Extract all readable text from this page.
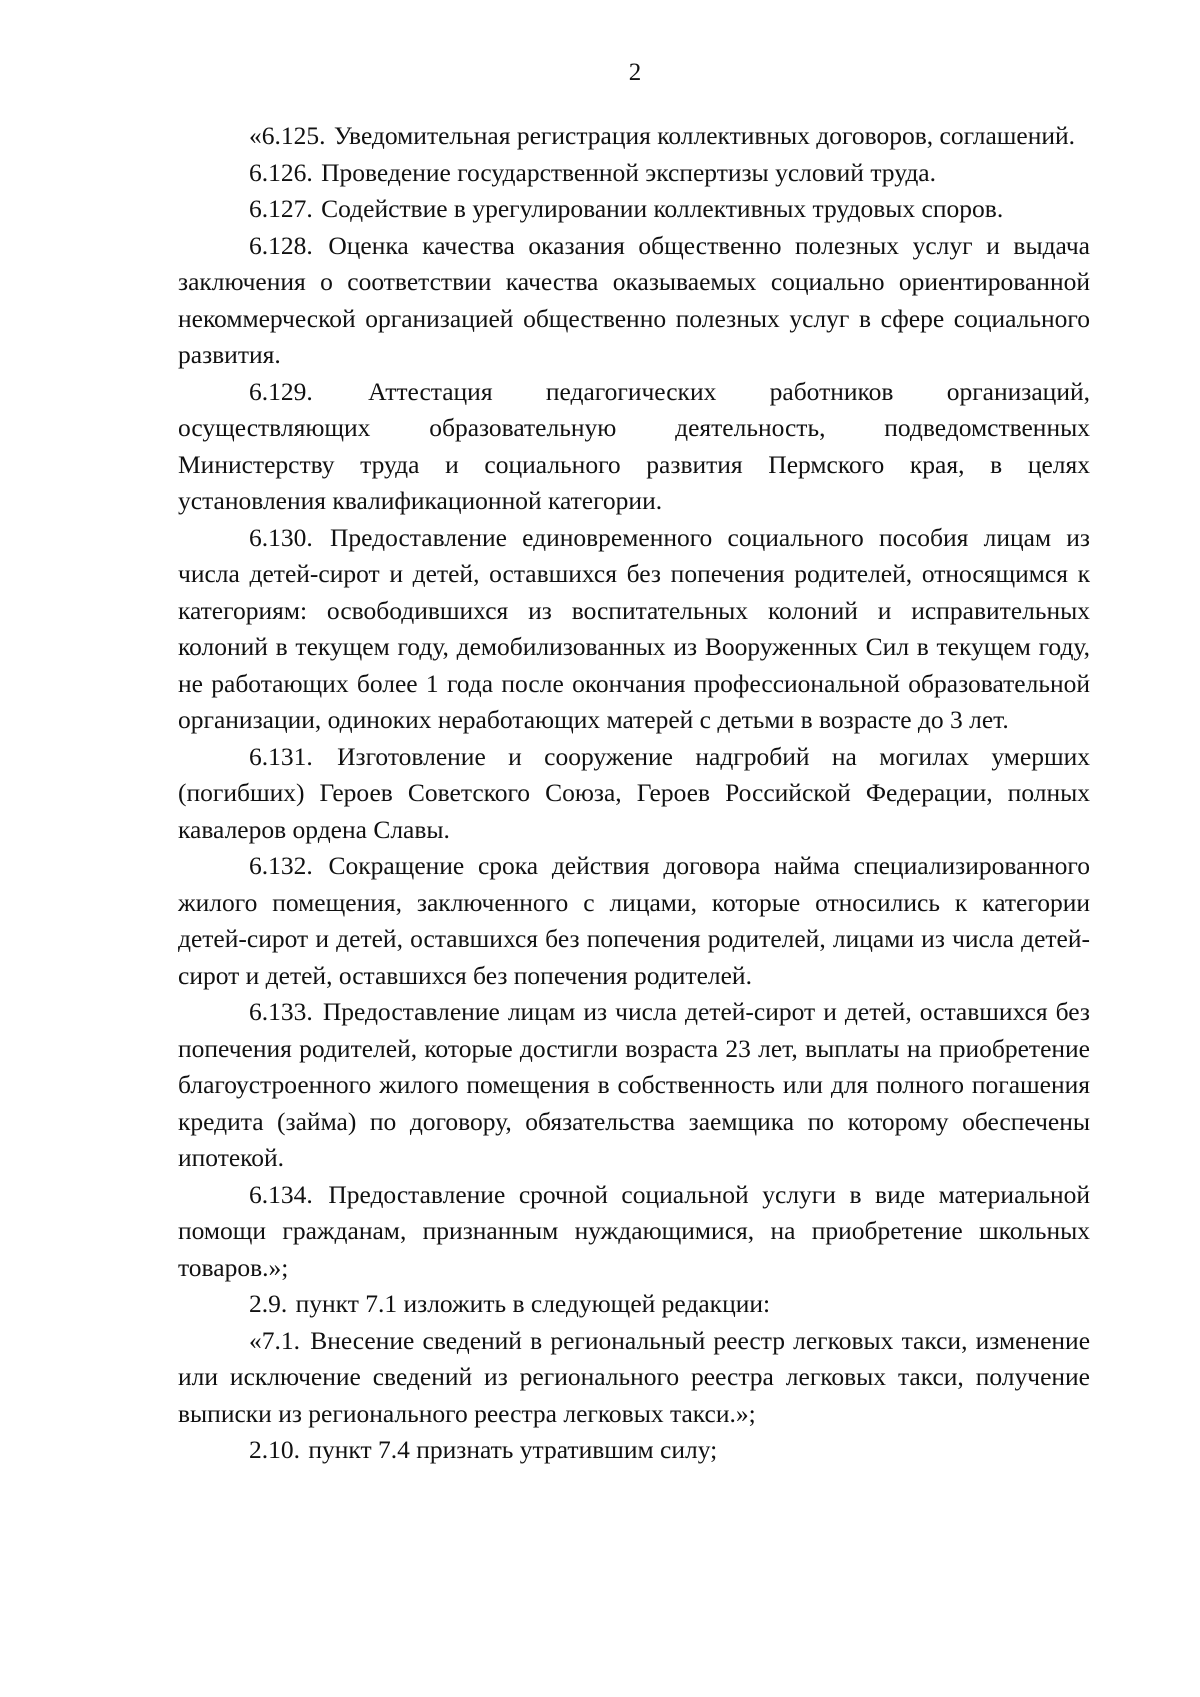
2

«6.125. Уведомительная регистрация коллективных договоров, соглашений.

6.126. Проведение государственной экспертизы условий труда.

6.127. Содействие в урегулировании коллективных трудовых споров.

6.128. Оценка качества оказания общественно полезных услуг и выдача заключения о соответствии качества оказываемых социально ориентированной некоммерческой организацией общественно полезных услуг в сфере социального развития.

6.129. Аттестация педагогических работников организаций, осуществляющих образовательную деятельность, подведомственных Министерству труда и социального развития Пермского края, в целях установления квалификационной категории.

6.130. Предоставление единовременного социального пособия лицам из числа детей-сирот и детей, оставшихся без попечения родителей, относящимся к категориям: освободившихся из воспитательных колоний и исправительных колоний в текущем году, демобилизованных из Вооруженных Сил в текущем году, не работающих более 1 года после окончания профессиональной образовательной организации, одиноких неработающих матерей с детьми в возрасте до 3 лет.

6.131. Изготовление и сооружение надгробий на могилах умерших (погибших) Героев Советского Союза, Героев Российской Федерации, полных кавалеров ордена Славы.

6.132. Сокращение срока действия договора найма специализированного жилого помещения, заключенного с лицами, которые относились к категории детей-сирот и детей, оставшихся без попечения родителей, лицами из числа детей-сирот и детей, оставшихся без попечения родителей.

6.133. Предоставление лицам из числа детей-сирот и детей, оставшихся без попечения родителей, которые достигли возраста 23 лет, выплаты на приобретение благоустроенного жилого помещения в собственность или для полного погашения кредита (займа) по договору, обязательства заемщика по которому обеспечены ипотекой.

6.134. Предоставление срочной социальной услуги в виде материальной помощи гражданам, признанным нуждающимися, на приобретение школьных товаров.»;

2.9. пункт 7.1 изложить в следующей редакции:

«7.1. Внесение сведений в региональный реестр легковых такси, изменение или исключение сведений из регионального реестра легковых такси, получение выписки из регионального реестра легковых такси.»;

2.10. пункт 7.4 признать утратившим силу;
